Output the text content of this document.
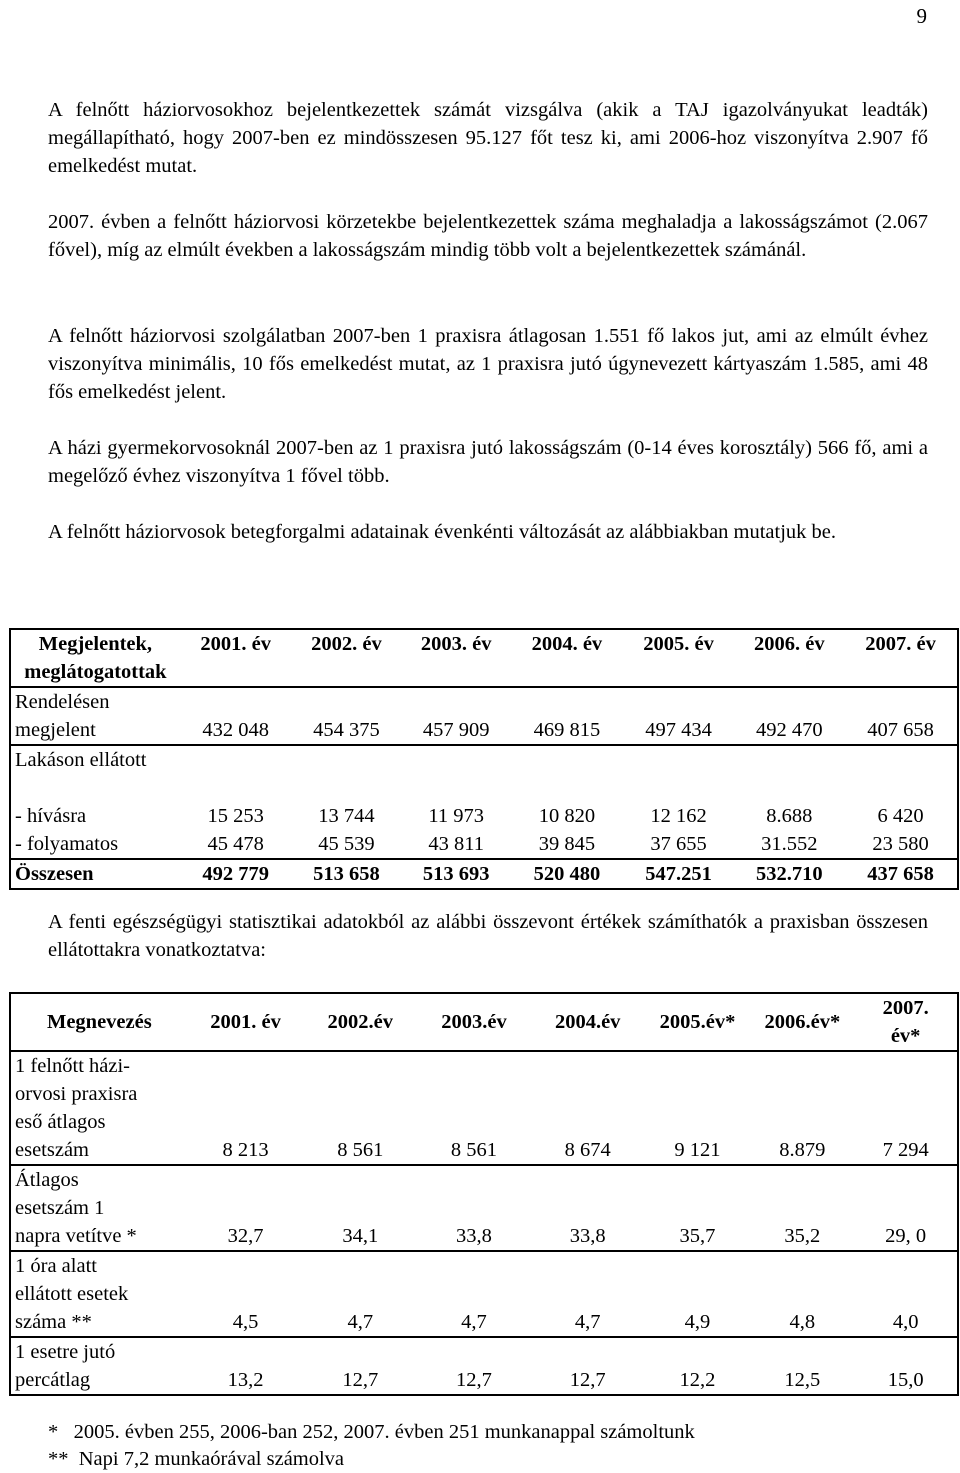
9

A felnőtt háziorvosokhoz bejelentkezettek számát vizsgálva (akik a TAJ igazolványukat leadták) megállapítható, hogy 2007-ben ez mindösszesen 95.127 főt tesz ki, ami 2006-hoz viszonyítva 2.907 fő emelkedést mutat.

2007. évben a felnőtt háziorvosi körzetekbe bejelentkezettek száma meghaladja a lakosságszámot (2.067 fővel), míg az elmúlt években a lakosságszám mindig több volt a bejelentkezettek számánál.

A felnőtt háziorvosi szolgálatban 2007-ben 1 praxisra átlagosan 1.551 fő lakos jut, ami az elmúlt évhez viszonyítva minimális, 10 fős emelkedést mutat, az 1 praxisra jutó úgynevezett kártyaszám 1.585, ami 48 fős emelkedést jelent.

A házi gyermekorvosoknál 2007-ben az 1 praxisra jutó lakosságszám (0-14 éves korosztály) 566 fő, ami a megelőző évhez viszonyítva 1 fővel több.

A felnőtt háziorvosok betegforgalmi adatainak évenkénti változását az alábbiakban mutatjuk be.

Megjelentek,
meglátogatottak	2001. év	2002. év	2003. év	2004. év	2005. év	2006. év	2007. év
Rendelésen
megjelent	432 048	454 375	457 909	469 815	497 434	492 470	407 658
Lakáson ellátott							
- hívásra	15 253	13 744	11 973	10 820	12 162	8.688	6 420
- folyamatos	45 478	45 539	43 811	39 845	37 655	31.552	23 580
Összesen	492 779	513 658	513 693	520 480	547.251	532.710	437 658

A fenti egészségügyi statisztikai adatokból az alábbi összevont értékek számíthatók a praxisban összesen ellátottakra vonatkoztatva:

Megnevezés	2001. év	2002.év	2003.év	2004.év	2005.év*	2006.év*	2007.
év*
1 felnőtt házi-
orvosi praxisra
eső átlagos
esetszám	8 213	8 561	8 561	8 674	9 121	8.879	7 294
Átlagos
esetszám 1
napra vetítve *	32,7	34,1	33,8	33,8	35,7	35,2	29, 0
1 óra alatt
ellátott esetek
száma **	4,5	4,7	4,7	4,7	4,9	4,8	4,0
1 esetre jutó
percátlag	13,2	12,7	12,7	12,7	12,2	12,5	15,0
*   2005. évben 255, 2006-ban 252, 2007. évben 251 munkanappal számoltunk
**  Napi 7,2 munkaórával számolva
